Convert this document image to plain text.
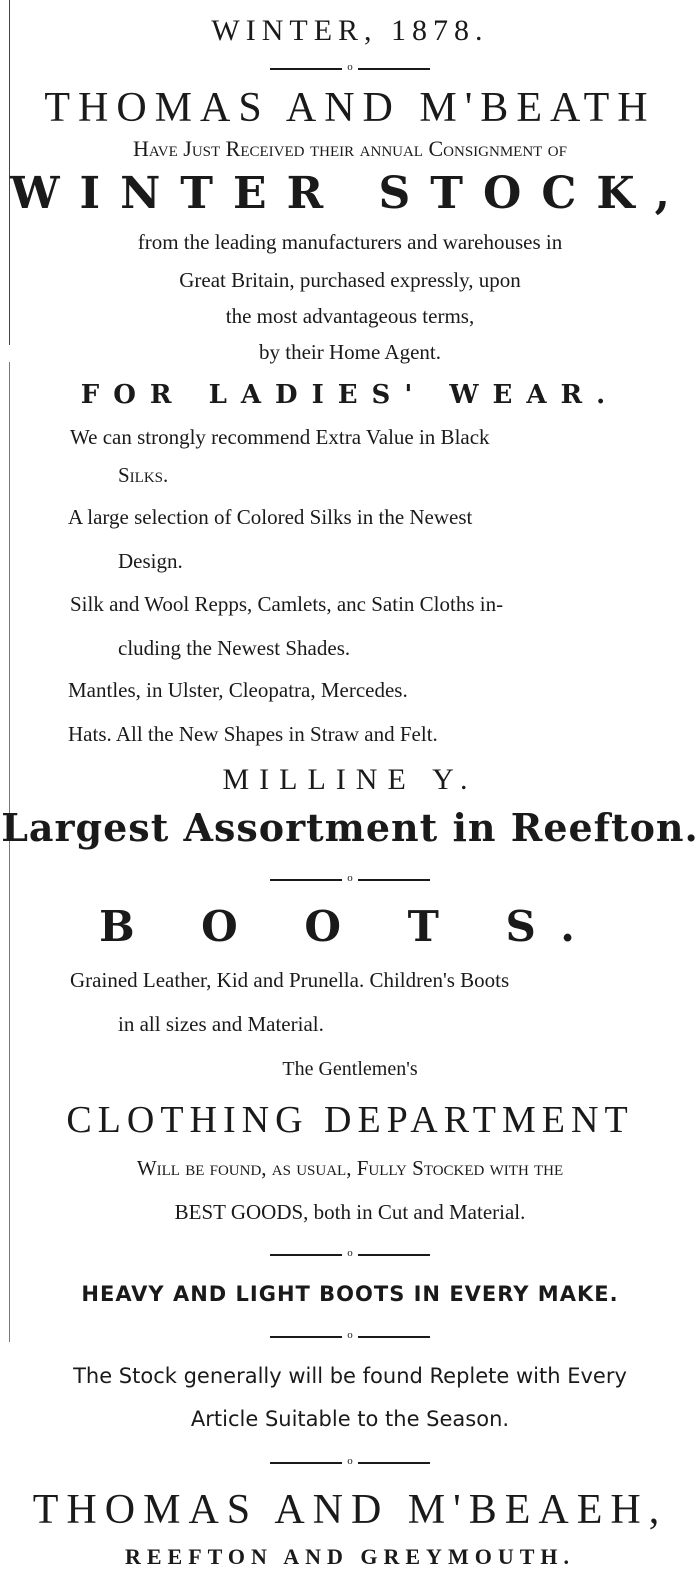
WINTER, 1878.
o
THOMAS AND M'BEATH
Have Just Received their annual Consignment of
WINTER STOCK,
from the leading manufacturers and warehouses in
Great Britain, purchased expressly, upon
the most advantageous terms,
by their Home Agent.
FOR LADIES' WEAR.
We can strongly recommend Extra Value in Black
Silks.
A large selection of Colored Silks in the Newest
Design.
Silk and Wool Repps, Camlets, anc Satin Cloths in-
cluding the Newest Shades.
Mantles, in Ulster, Cleopatra, Mercedes.
Hats. All the New Shapes in Straw and Felt.
MILLINE Y.
Largest Assortment in Reefton.
o
B O O T S.
Grained Leather, Kid and Prunella. Children's Boots
in all sizes and Material.
The Gentlemen's
CLOTHING DEPARTMENT
Will be found, as usual, Fully Stocked with the
BEST GOODS, both in Cut and Material.
o
HEAVY AND LIGHT BOOTS IN EVERY MAKE.
o
The Stock generally will be found Replete with Every
Article Suitable to the Season.
o
THOMAS AND M'BEAEH,
REEFTON AND GREYMOUTH.
